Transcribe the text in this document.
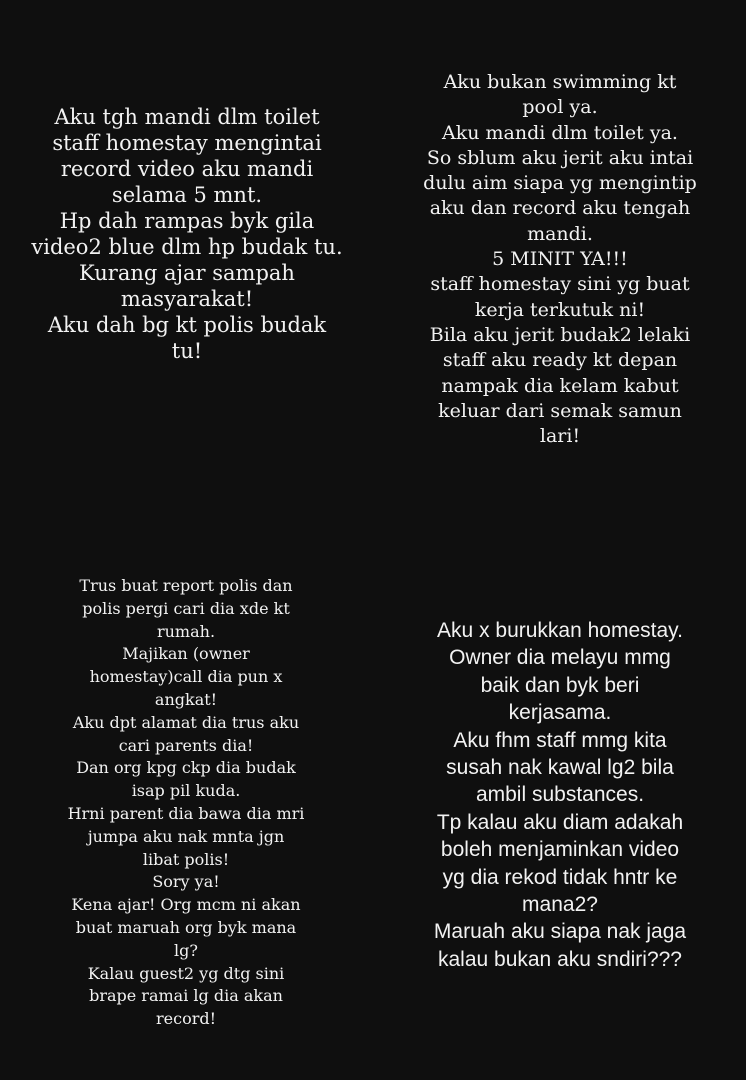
Aku tgh mandi dlm toilet
staff homestay mengintai
record video aku mandi
selama 5 mnt.
Hp dah rampas byk gila
video2 blue dlm hp budak tu.
Kurang ajar sampah
masyarakat!
Aku dah bg kt polis budak
tu!
Aku bukan swimming kt
pool ya.
Aku mandi dlm toilet ya.
So sblum aku jerit aku intai
dulu aim siapa yg mengintip
aku dan record aku tengah
mandi.
5 MINIT YA!!!
staff homestay sini yg buat
kerja terkutuk ni!
Bila aku jerit budak2 lelaki
staff aku ready kt depan
nampak dia kelam kabut
keluar dari semak samun
lari!
Trus buat report polis dan
polis pergi cari dia xde kt
rumah.
Majikan (owner
homestay)call dia pun x
angkat!
Aku dpt alamat dia trus aku
cari parents dia!
Dan org kpg ckp dia budak
isap pil kuda.
Hrni parent dia bawa dia mri
jumpa aku nak mnta jgn
libat polis!
Sory ya!
Kena ajar! Org mcm ni akan
buat maruah org byk mana
lg?
Kalau guest2 yg dtg sini
brape ramai lg dia akan
record!
Aku x burukkan homestay.
Owner dia melayu mmg
baik dan byk beri
kerjasama.
Aku fhm staff mmg kita
susah nak kawal lg2 bila
ambil substances.
Tp kalau aku diam adakah
boleh menjaminkan video
yg dia rekod tidak hntr ke
mana2?
Maruah aku siapa nak jaga
kalau bukan aku sndiri???
